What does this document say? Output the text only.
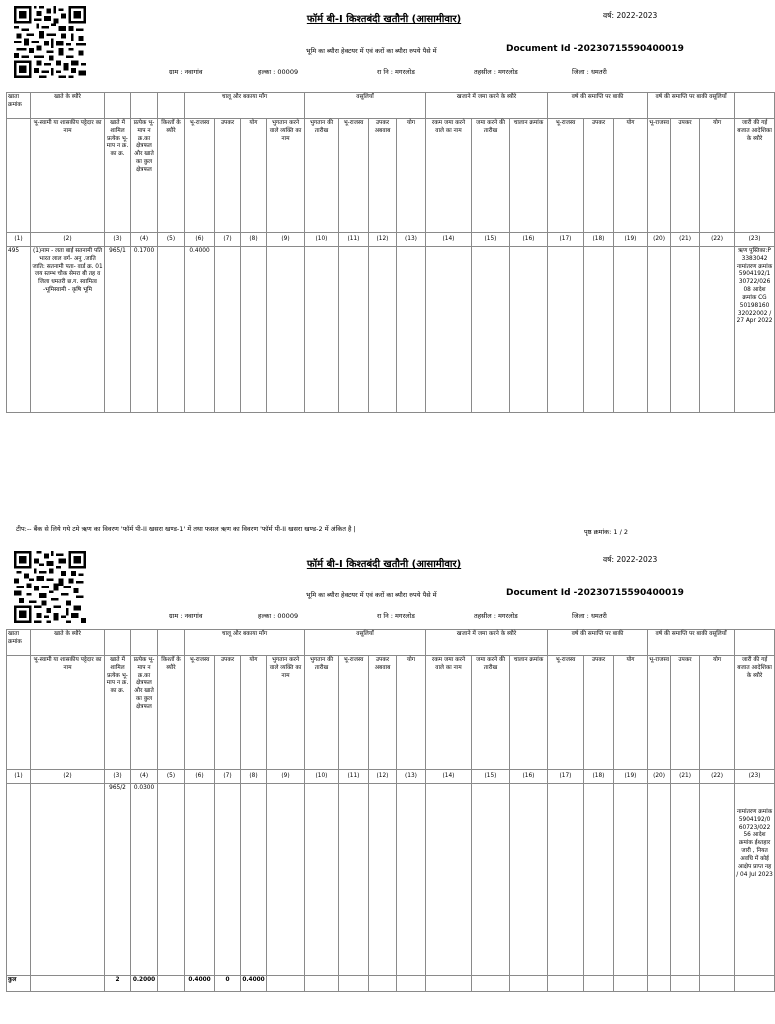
फॉर्म बी-I किश्तबंदी खतौनी (आसामीवार)	वर्ष: 2022-2023
भूमि का ब्यौरा हेक्टयर में एवं करों का ब्यौरा रुपये पैसे में	Document Id -20230715590400019
ग्राम : नवागांव	हल्का : 00009	रा नि : मगरलोड	तहसील : मगरलोड	जिला : धमतरी
खाता क्रमांक	खाते के ब्यौरे				चालू और बकाया माँग				वसूलियाँ				खजाने में जमा करने के ब्यौरे			वर्ष की समाप्ति पर बाकी			वर्ष की समाप्ति पर बाकी वसूलियाँ			
	भू-स्वामी या शासकीय पट्टेदार का नाम	खाते में शामिल प्रत्येक भू-माप न क्र. का क्र.	प्रत्येक भू-माप न क्र.का क्षेत्रफल और खाते का कुल क्षेत्रफल	किश्तों के ब्यौरे	भू-राजस्व	उपकर	योग	भुगतान करने वाले व्यक्ति का नाम	भुगतान की तारीख	भू-राजस्व	उपकर अबवाब	योग	रकम जमा करने वाले का नाम	जमा करने की तारीख	चालान क्रमांक	भू-राजस्व	उपकर	योग	भू-राजस्व	उपकर	योग	जारी की गई बजात आदेशिका के ब्यौरे
(1)	(2)	(3)	(4)	(5)	(6)	(7)	(8)	(9)	(10)	(11)	(12)	(13)	(14)	(15)	(16)	(17)	(18)	(19)	(20)	(21)	(22)	(23)
495	(1)नाम - लता बाई सतनामी पति भारत लाल वर्ग- अनु .जाति जाति: सतनामी पता- वार्ड क्र. 01 जय स्तम्भ चौक सेमरा बी तह व जिला धमतरी छ.ग. स्वामित्व -भूमिस्वामी - कृषि भूमि	965/1	0.1700		0.4000																	ऋण पुस्तिका:P 3383042 नामांतरण क्रमांक 5904192/1 30722/026 08 आदेश क्रमांक CG 50198160 32022002 / 27 Apr 2022
टीप:-- बैंक से लिये गये टमे ऋण का विवरण 'फॉर्म पी-II खसरा खण्ड-1' में तथा फसल ऋण का विवरण 'फॉर्म पी-II खसरा खण्ड-2 में अंकित है |	पृष्ठ क्रमांक: 1 / 2
फॉर्म बी-I किश्तबंदी खतौनी (आसामीवार)	वर्ष: 2022-2023
भूमि का ब्यौरा हेक्टयर में एवं करों का ब्यौरा रुपये पैसे में	Document Id -20230715590400019
ग्राम : नवागांव	हल्का : 00009	रा नि : मगरलोड	तहसील : मगरलोड	जिला : धमतरी
खाता क्रमांक	खाते के ब्यौरे				चालू और बकाया माँग				वसूलियाँ				खजाने में जमा करने के ब्यौरे			वर्ष की समाप्ति पर बाकी			वर्ष की समाप्ति पर बाकी वसूलियाँ			
	भू-स्वामी या शासकीय पट्टेदार का नाम	खाते में शामिल प्रत्येक भू-माप न क्र. का क्र.	प्रत्येक भू-माप न क्र.का क्षेत्रफल और खाते का कुल क्षेत्रफल	किश्तों के ब्यौरे	भू-राजस्व	उपकर	योग	भुगतान करने वाले व्यक्ति का नाम	भुगतान की तारीख	भू-राजस्व	उपकर अबवाब	योग	रकम जमा करने वाले का नाम	जमा करने की तारीख	चालान क्रमांक	भू-राजस्व	उपकर	योग	भू-राजस्व	उपकर	योग	जारी की गई बजात आदेशिका के ब्यौरे
(1)	(2)	(3)	(4)	(5)	(6)	(7)	(8)	(9)	(10)	(11)	(12)	(13)	(14)	(15)	(16)	(17)	(18)	(19)	(20)	(21)	(22)	(23)
		965/2	0.0300																			नामांतरण क्रमांक 5904192/0 60723/022 56 आदेश क्रमांक ईश्तहार जारी , नियत अवधि में कोई आक्षेप प्राप्त नह / 04 Jul 2023

कुल		2	0.2000		0.4000	0	0.4000															
